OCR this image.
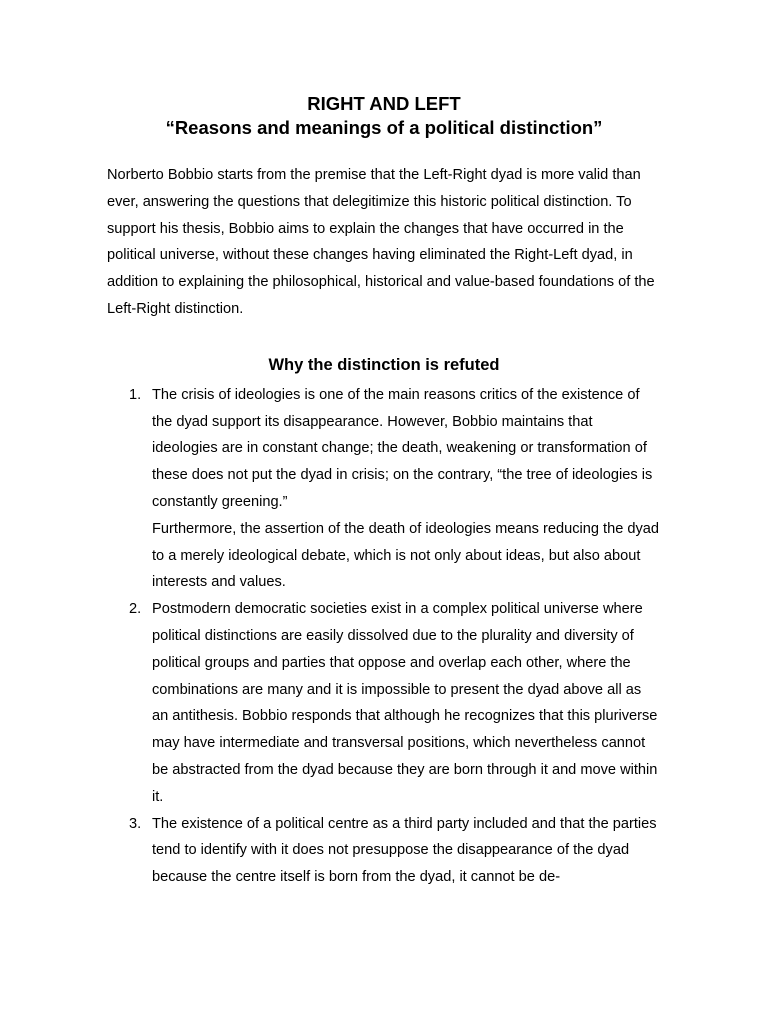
RIGHT AND LEFT
“Reasons and meanings of a political distinction”

Norberto Bobbio starts from the premise that the Left-Right dyad is more valid than ever, answering the questions that delegitimize this historic political distinction. To support his thesis, Bobbio aims to explain the changes that have occurred in the political universe, without these changes having eliminated the Right-Left dyad, in addition to explaining the philosophical, historical and value-based foundations of the Left-Right distinction.

Why the distinction is refuted
1. The crisis of ideologies is one of the main reasons critics of the existence of the dyad support its disappearance. However, Bobbio maintains that ideologies are in constant change; the death, weakening or transformation of these does not put the dyad in crisis; on the contrary, “the tree of ideologies is constantly greening.”
Furthermore, the assertion of the death of ideologies means reducing the dyad to a merely ideological debate, which is not only about ideas, but also about interests and values.
2. Postmodern democratic societies exist in a complex political universe where political distinctions are easily dissolved due to the plurality and diversity of political groups and parties that oppose and overlap each other, where the combinations are many and it is impossible to present the dyad above all as an antithesis. Bobbio responds that although he recognizes that this pluriverse may have intermediate and transversal positions, which nevertheless cannot be abstracted from the dyad because they are born through it and move within it.
3. The existence of a political centre as a third party included and that the parties tend to identify with it does not presuppose the disappearance of the dyad because the centre itself is born from the dyad, it cannot be de-
